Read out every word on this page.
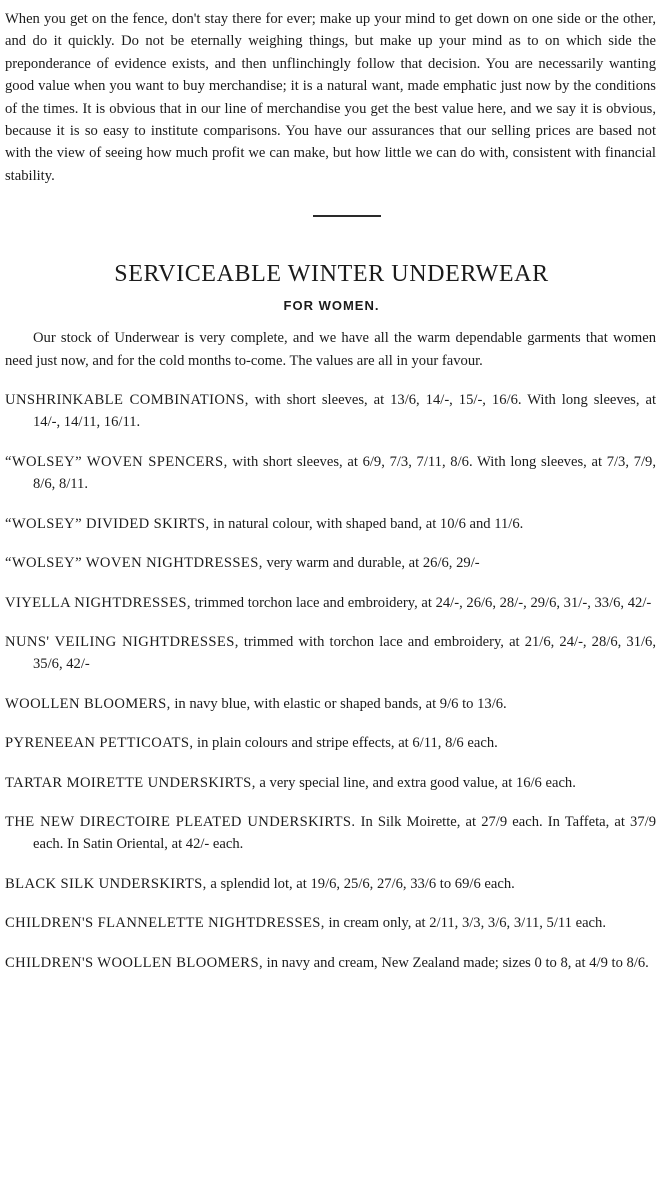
When you get on the fence, don't stay there for ever; make up your mind to get down on one side or the other, and do it quickly. Do not be eternally weighing things, but make up your mind as to on which side the preponderance of evidence exists, and then unflinchingly follow that decision. You are necessarily wanting good value when you want to buy merchandise; it is a natural want, made emphatic just now by the conditions of the times. It is obvious that in our line of merchandise you get the best value here, and we say it is obvious, because it is so easy to institute comparisons. You have our assurances that our selling prices are based not with the view of seeing how much profit we can make, but how little we can do with, consistent with financial stability.

SERVICEABLE WINTER UNDERWEAR
FOR WOMEN.

Our stock of Underwear is very complete, and we have all the warm dependable garments that women need just now, and for the cold months to-come. The values are all in your favour.

UNSHRINKABLE COMBINATIONS, with short sleeves, at 13/6, 14/-, 15/-, 16/6. With long sleeves, at 14/-, 14/11, 16/11.

“WOLSEY” WOVEN SPENCERS, with short sleeves, at 6/9, 7/3, 7/11, 8/6. With long sleeves, at 7/3, 7/9, 8/6, 8/11.

“WOLSEY” DIVIDED SKIRTS, in natural colour, with shaped band, at 10/6 and 11/6.

“WOLSEY” WOVEN NIGHTDRESSES, very warm and durable, at 26/6, 29/-

VIYELLA NIGHTDRESSES, trimmed torchon lace and embroidery, at 24/-, 26/6, 28/-, 29/6, 31/-, 33/6, 42/-

NUNS' VEILING NIGHTDRESSES, trimmed with torchon lace and embroidery, at 21/6, 24/-, 28/6, 31/6, 35/6, 42/-

WOOLLEN BLOOMERS, in navy blue, with elastic or shaped bands, at 9/6 to 13/6.

PYRENEEAN PETTICOATS, in plain colours and stripe effects, at 6/11, 8/6 each.

TARTAR MOIRETTE UNDERSKIRTS, a very special line, and extra good value, at 16/6 each.

THE NEW DIRECTOIRE PLEATED UNDERSKIRTS. In Silk Moirette, at 27/9 each. In Taffeta, at 37/9 each. In Satin Oriental, at 42/- each.

BLACK SILK UNDERSKIRTS, a splendid lot, at 19/6, 25/6, 27/6, 33/6 to 69/6 each.

CHILDREN'S FLANNELETTE NIGHTDRESSES, in cream only, at 2/11, 3/3, 3/6, 3/11, 5/11 each.

CHILDREN'S WOOLLEN BLOOMERS, in navy and cream, New Zealand made; sizes 0 to 8, at 4/9 to 8/6.
